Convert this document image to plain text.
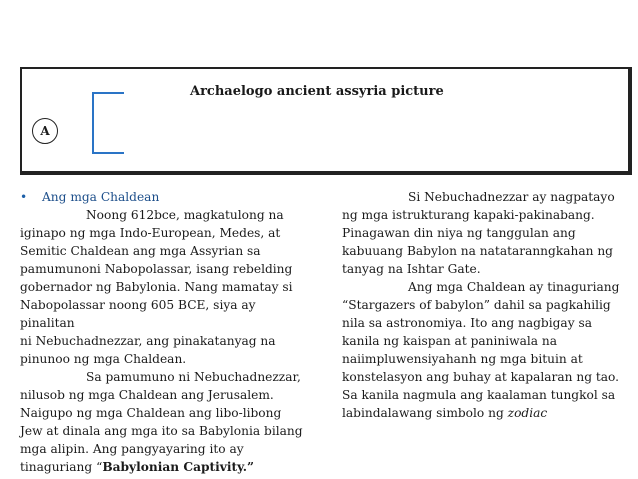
Archaelogo ancient assyria picture
A
•	Ang mga Chaldean

Noong 612bce, magkatulong na

iginapo ng mga Indo-European, Medes, at

Semitic Chaldean ang mga Assyrian sa

pamumunoni Nabopolassar, isang rebelding

gobernador ng Babylonia. Nang mamatay si

Nabopolassar noong 605 BCE, siya ay pinalitan

ni Nebuchadnezzar, ang pinakatanyag na

pinunoo ng mga Chaldean.

Sa pamumuno ni Nebuchadnezzar,

nilusob ng mga Chaldean ang Jerusalem.

Naigupo ng mga Chaldean ang libo-libong

Jew at dinala ang mga ito sa Babylonia bilang

mga alipin. Ang pangyayaring ito ay

tinaguriang “Babylonian Captivity.”

Si Nebuchadnezzar ay nagpatayo

ng mga istrukturang kapaki-pakinabang.

Pinagawan din niya ng tanggulan ang

kabuuang Babylon na natataranngkahan ng

tanyag na Ishtar Gate.

Ang mga Chaldean ay tinaguriang

“Stargazers of babylon” dahil sa pagkahilig

nila sa astronomiya. Ito ang nagbigay sa

kanila ng kaispan at paniniwala na

naiimpluwensiyahanh ng mga bituin at

konstelasyon ang buhay at kapalaran ng tao.

Sa kanila nagmula ang kaalaman tungkol sa

labindalawang simbolo ng zodiac
